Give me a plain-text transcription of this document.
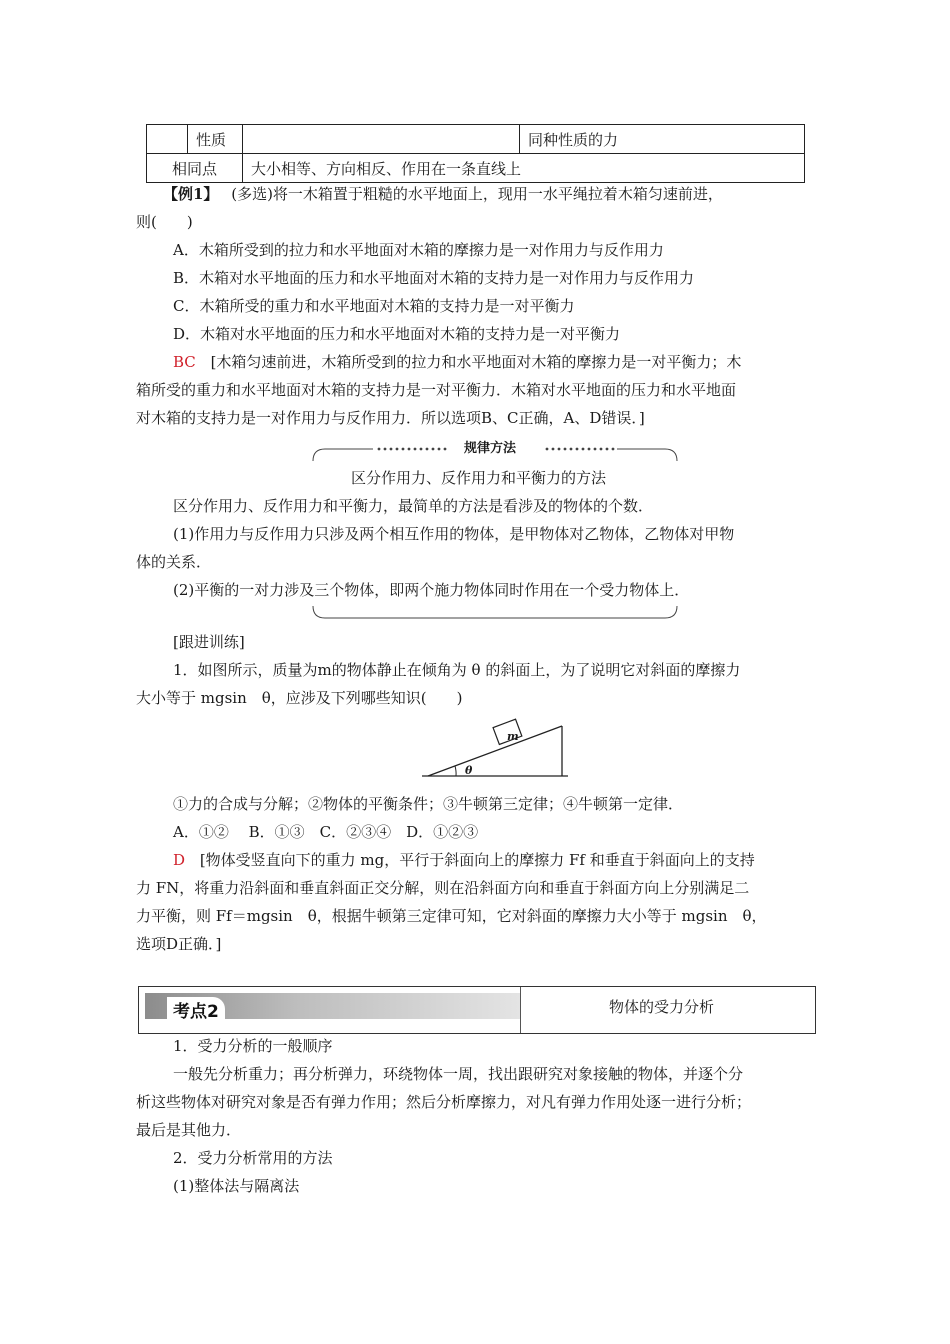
	性质		同种性质的力
相同点		大小相等、方向相反、作用在一条直线上	
【例1】 (多选)将一木箱置于粗糙的水平地面上，现用一水平绳拉着木箱匀速前进，
则(　　)
A．木箱所受到的拉力和水平地面对木箱的摩擦力是一对作用力与反作用力
B．木箱对水平地面的压力和水平地面对木箱的支持力是一对作用力与反作用力
C．木箱所受的重力和水平地面对木箱的支持力是一对平衡力
D．木箱对水平地面的压力和水平地面对木箱的支持力是一对平衡力
BC [木箱匀速前进，木箱所受到的拉力和水平地面对木箱的摩擦力是一对平衡力；木
箱所受的重力和水平地面对木箱的支持力是一对平衡力．木箱对水平地面的压力和水平地面
对木箱的支持力是一对作用力与反作用力．所以选项B、C正确，A、D错误．]
规律方法
区分作用力、反作用力和平衡力的方法
区分作用力、反作用力和平衡力，最简单的方法是看涉及的物体的个数．
(1)作用力与反作用力只涉及两个相互作用的物体，是甲物体对乙物体，乙物体对甲物
体的关系．
(2)平衡的一对力涉及三个物体，即两个施力物体同时作用在一个受力物体上．
[跟进训练]
1．如图所示，质量为m的物体静止在倾角为 θ 的斜面上，为了说明它对斜面的摩擦力
大小等于 mgsin　θ，应涉及下列哪些知识(　　)
m
θ
①力的合成与分解；②物体的平衡条件；③牛顿第三定律；④牛顿第一定律．
A．①②　 B．①③　C．②③④　D．①②③
D [物体受竖直向下的重力 mg，平行于斜面向上的摩擦力 Ff 和垂直于斜面向上的支持
力 FN，将重力沿斜面和垂直斜面正交分解，则在沿斜面方向和垂直于斜面方向上分别满足二
力平衡，则 Ff＝mgsin　θ，根据牛顿第三定律可知，它对斜面的摩擦力大小等于 mgsin　θ，
选项D正确．]
考点2	物体的受力分析
1．受力分析的一般顺序
一般先分析重力；再分析弹力，环绕物体一周，找出跟研究对象接触的物体，并逐个分
析这些物体对研究对象是否有弹力作用；然后分析摩擦力，对凡有弹力作用处逐一进行分析；
最后是其他力．
2．受力分析常用的方法
(1)整体法与隔离法
